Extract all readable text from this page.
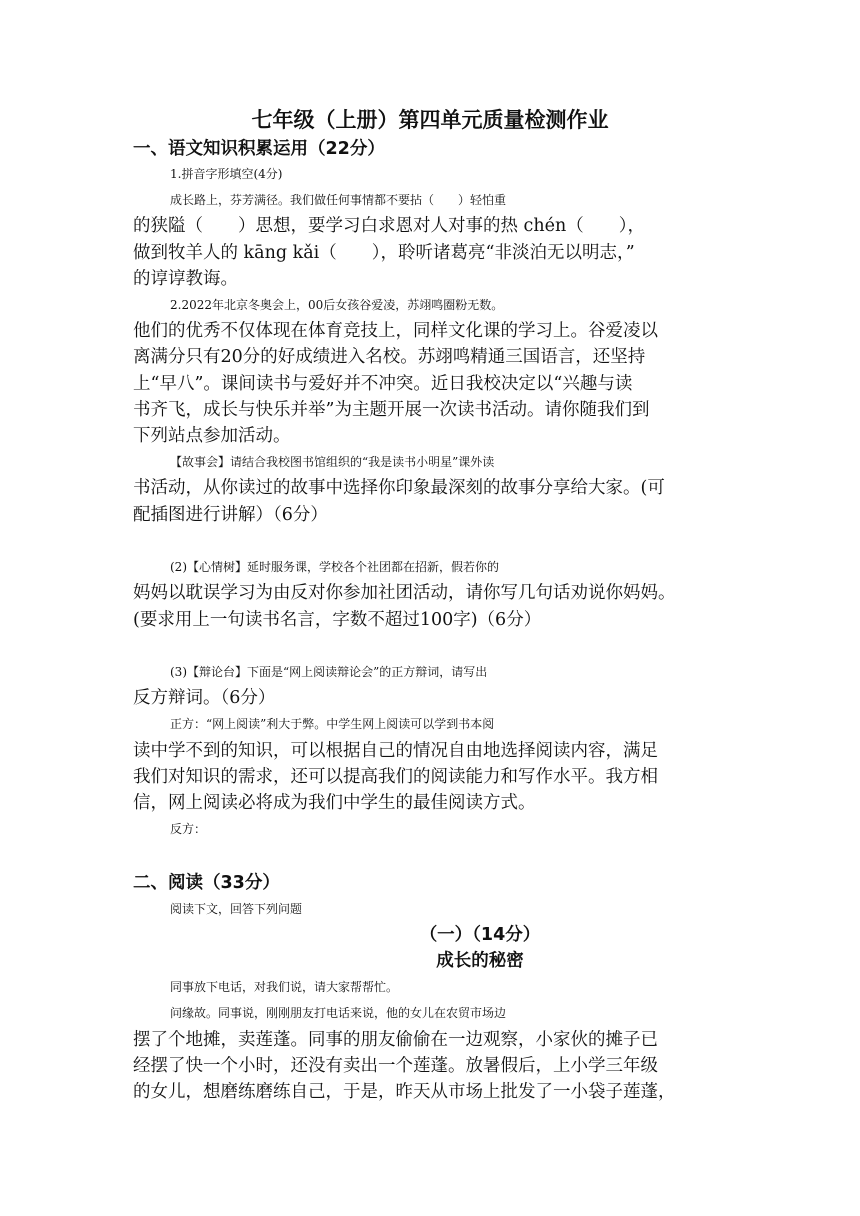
七年级（上册）第四单元质量检测作业
一、语文知识积累运用（22分）
1.拼音字形填空(4分)
成长路上，芬芳满径。我们做任何事情都不要拈（　　）轻怕重
的狭隘（　　）思想，要学习白求恩对人对事的热 chén（　　），
做到牧羊人的 kāng kǎi（　　），聆听诸葛亮“非淡泊无以明志，”
的谆谆教诲。
2.2022年北京冬奥会上，00后女孩谷爱凌，苏翊鸣圈粉无数。
他们的优秀不仅体现在体育竞技上，同样文化课的学习上。谷爱凌以
离满分只有20分的好成绩进入名校。苏翊鸣精通三国语言，还坚持
上“早八”。课间读书与爱好并不冲突。近日我校决定以“兴趣与读
书齐飞，成长与快乐并举”为主题开展一次读书活动。请你随我们到
下列站点参加活动。
【故事会】请结合我校图书馆组织的“我是读书小明星”课外读
书活动，从你读过的故事中选择你印象最深刻的故事分享给大家。(可
配插图进行讲解）（6分）
(2)【心情树】延时服务课，学校各个社团都在招新，假若你的
妈妈以耽误学习为由反对你参加社团活动，请你写几句话劝说你妈妈。
(要求用上一句读书名言，字数不超过100字)（6分）
(3)【辩论台】下面是“网上阅读辩论会”的正方辩词，请写出
反方辩词。（6分）
正方：“网上阅读”利大于弊。中学生网上阅读可以学到书本阅
读中学不到的知识，可以根据自己的情况自由地选择阅读内容，满足
我们对知识的需求，还可以提高我们的阅读能力和写作水平。我方相
信，网上阅读必将成为我们中学生的最佳阅读方式。
反方：
二、阅读（33分）
阅读下文，回答下列问题
（一）（14分）
成长的秘密
同事放下电话，对我们说，请大家帮帮忙。
问缘故。同事说，刚刚朋友打电话来说，他的女儿在农贸市场边
摆了个地摊，卖莲蓬。同事的朋友偷偷在一边观察，小家伙的摊子已
经摆了快一个小时，还没有卖出一个莲蓬。放暑假后，上小学三年级
的女儿，想磨练磨练自己，于是，昨天从市场上批发了一小袋子莲蓬，
